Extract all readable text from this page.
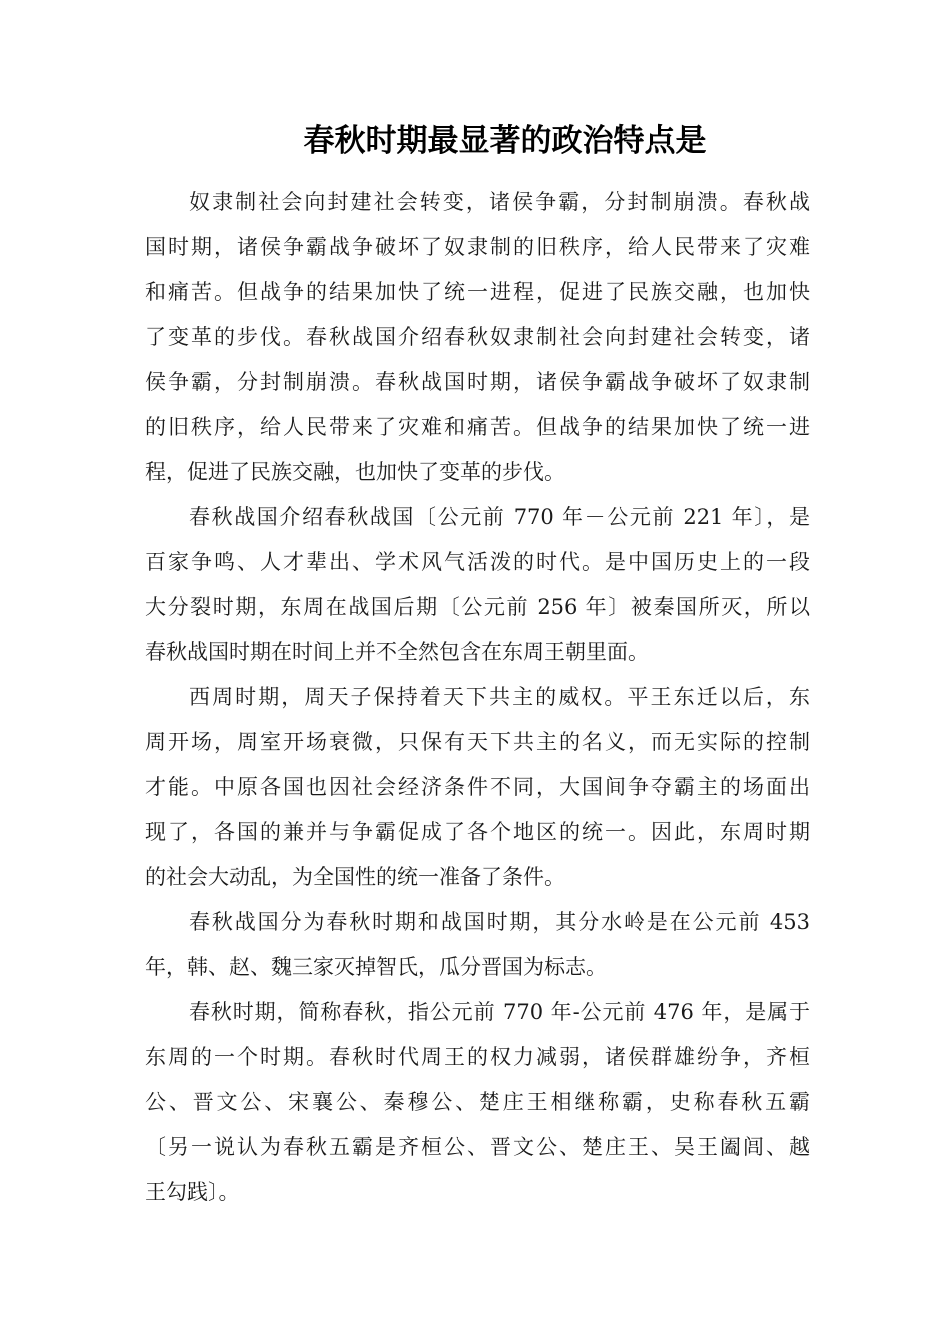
春秋时期最显著的政治特点是

奴隶制社会向封建社会转变，诸侯争霸，分封制崩溃。春秋战
国时期，诸侯争霸战争破坏了奴隶制的旧秩序，给人民带来了灾难
和痛苦。但战争的结果加快了统一进程，促进了民族交融，也加快
了变革的步伐。春秋战国介绍春秋奴隶制社会向封建社会转变，诸
侯争霸，分封制崩溃。春秋战国时期，诸侯争霸战争破坏了奴隶制
的旧秩序，给人民带来了灾难和痛苦。但战争的结果加快了统一进
程，促进了民族交融，也加快了变革的步伐。

春秋战国介绍春秋战国〔公元前 770 年－公元前 221 年〕，是
百家争鸣、人才辈出、学术风气活泼的时代。是中国历史上的一段
大分裂时期，东周在战国后期〔公元前 256 年〕被秦国所灭，所以
春秋战国时期在时间上并不全然包含在东周王朝里面。

西周时期，周天子保持着天下共主的威权。平王东迁以后，东
周开场，周室开场衰微，只保有天下共主的名义，而无实际的控制
才能。中原各国也因社会经济条件不同，大国间争夺霸主的场面出
现了，各国的兼并与争霸促成了各个地区的统一。因此，东周时期
的社会大动乱，为全国性的统一准备了条件。

春秋战国分为春秋时期和战国时期，其分水岭是在公元前 453
年，韩、赵、魏三家灭掉智氏，瓜分晋国为标志。

春秋时期，简称春秋，指公元前 770 年-公元前 476 年，是属于
东周的一个时期。春秋时代周王的权力减弱，诸侯群雄纷争，齐桓
公、晋文公、宋襄公、秦穆公、楚庄王相继称霸，史称春秋五霸
〔另一说认为春秋五霸是齐桓公、晋文公、楚庄王、吴王阖闾、越
王勾践〕。
